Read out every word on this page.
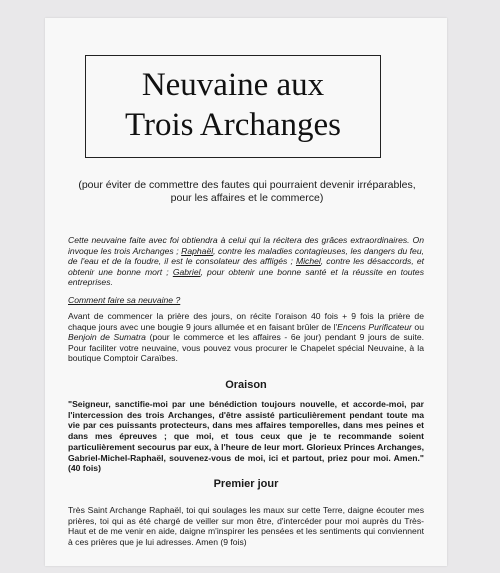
Neuvaine aux
Trois Archanges
(pour éviter de commettre des fautes qui pourraient devenir irréparables,
pour les affaires et le commerce)
Cette neuvaine faite avec foi obtiendra à celui qui la récitera des grâces extraordinaires. On invoque les trois Archanges ; Raphaël, contre les maladies contagieuses, les dangers du feu, de l'eau et de la foudre, il est le consolateur des affligés ; Michel, contre les désaccords, et obtenir une bonne mort ; Gabriel, pour obtenir une bonne santé et la réussite en toutes entreprises.
Comment faire sa neuvaine ?
Avant de commencer la prière des jours, on récite l'oraison 40 fois + 9 fois la prière de chaque jours avec une bougie 9 jours allumée et en faisant brûler de l'Encens Purificateur ou Benjoin de Sumatra (pour le commerce et les affaires - 6e jour) pendant 9 jours de suite. Pour faciliter votre neuvaine, vous pouvez vous procurer le Chapelet spécial Neuvaine, à la boutique Comptoir Caraïbes.
Oraison
"Seigneur, sanctifie-moi par une bénédiction toujours nouvelle, et accorde-moi, par l'intercession des trois Archanges, d'être assisté particulièrement pendant toute ma vie par ces puissants protecteurs, dans mes affaires temporelles, dans mes peines et dans mes épreuves ; que moi, et tous ceux que je te recommande soient particulièrement secourus par eux, à l'heure de leur mort. Glorieux Princes Archanges, Gabriel-Michel-Raphaël, souvenez-vous de moi, ici et partout, priez pour moi. Amen."(40 fois)
Premier jour
Très Saint Archange Raphaël, toi qui soulages les maux sur cette Terre, daigne écouter mes prières, toi qui as été chargé de veiller sur mon être, d'intercéder pour moi auprès du Très-Haut et de me venir en aide, daigne m'inspirer les pensées et les sentiments qui conviennent à ces prières que je lui adresses. Amen (9 fois)
